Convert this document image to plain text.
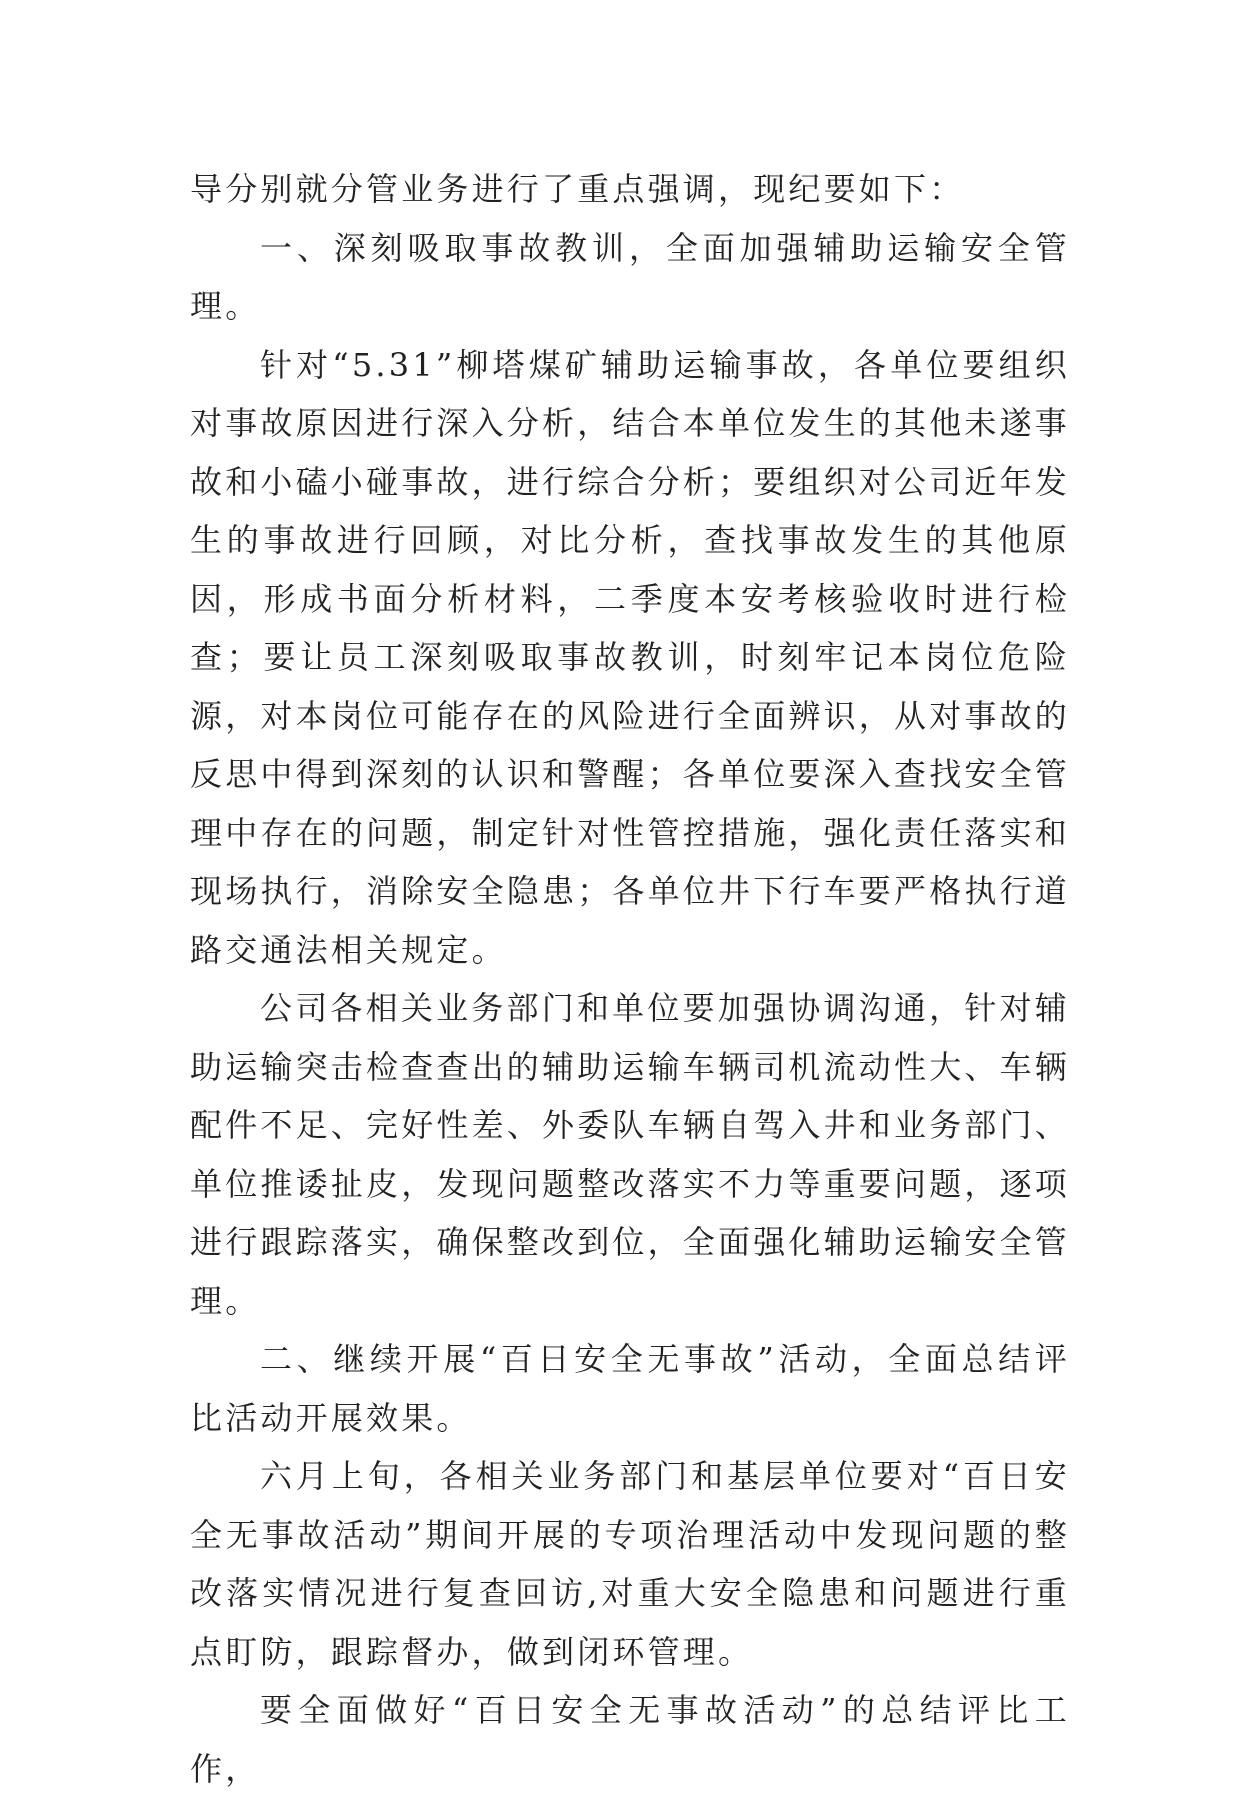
导分别就分管业务进行了重点强调，现纪要如下：

一、深刻吸取事故教训，全面加强辅助运输安全管理。

针对“5.31”柳塔煤矿辅助运输事故，各单位要组织对事故原因进行深入分析，结合本单位发生的其他未遂事故和小磕小碰事故，进行综合分析；要组织对公司近年发生的事故进行回顾，对比分析，查找事故发生的其他原因，形成书面分析材料，二季度本安考核验收时进行检查；要让员工深刻吸取事故教训，时刻牢记本岗位危险源，对本岗位可能存在的风险进行全面辨识，从对事故的反思中得到深刻的认识和警醒；各单位要深入查找安全管理中存在的问题，制定针对性管控措施，强化责任落实和现场执行，消除安全隐患；各单位井下行车要严格执行道路交通法相关规定。

公司各相关业务部门和单位要加强协调沟通，针对辅助运输突击检查查出的辅助运输车辆司机流动性大、车辆配件不足、完好性差、外委队车辆自驾入井和业务部门、单位推诿扯皮，发现问题整改落实不力等重要问题，逐项进行跟踪落实，确保整改到位，全面强化辅助运输安全管理。

二、继续开展“百日安全无事故”活动，全面总结评比活动开展效果。

六月上旬，各相关业务部门和基层单位要对“百日安全无事故活动”期间开展的专项治理活动中发现问题的整改落实情况进行复查回访,对重大安全隐患和问题进行重点盯防，跟踪督办，做到闭环管理。

要全面做好“百日安全无事故活动”的总结评比工作，
